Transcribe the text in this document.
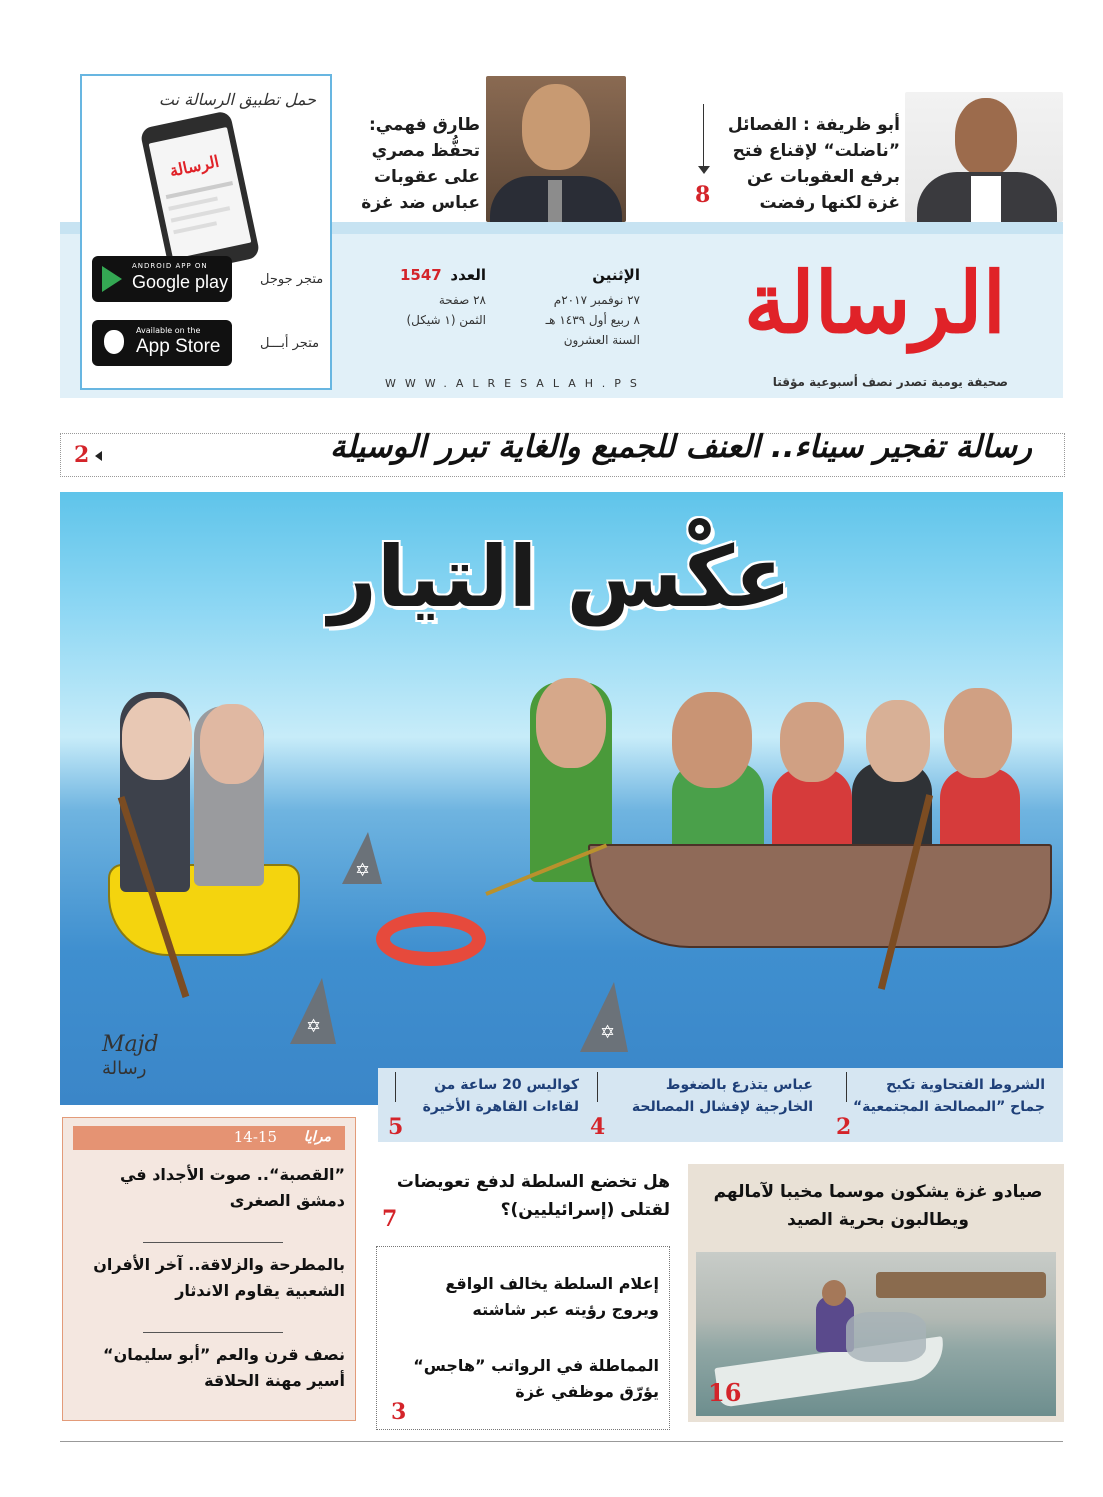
أبو ظريفة : الفصائل ”ناضلت“ لإقناع فتح برفع العقوبات عن غزة لكنها رفضت
8
طارق فهمي: تحفُّظ مصري على عقوبات عباس ضد غزة
الرسالة
صحيفة يومية تصدر نصف أسبوعية مؤقتا
الإثنين
٢٧ نوفمبر ٢٠١٧م
٨ ربيع أول ١٤٣٩ هـ
السنة العشرون
العدد
1547
٢٨ صفحة
الثمن (١ شيكل)
WWW.ALRESALAH.PS
حمل تطبيق الرسالة نت
الرسالة
ANDROID APP ON
Google play متجر جوجل
Available on the
App Store	متجر أبـــل
رسالة تفجير سيناء.. العنف للجميع والغاية تبرر الوسيلة
2
عكْس التيار
✡
✡	✡
Majd
رسالة
الشروط الفتحاوية تكبح
جماح ”المصالحة المجتمعية“
2
عباس يتذرع بالضغوط
الخارجية لإفشال المصالحة
4
كواليس 20 ساعة من
لقاءات القاهرة الأخيرة
5
مرايا
14-15
”القصبة“.. صوت الأجداد في دمشق الصغرى
بالمطرحة والزلاقة.. آخر الأفران الشعبية يقاوم الاندثار
نصف قرن والعم ”أبو سليمان“ أسير مهنة الحلاقة
هل تخضع السلطة لدفع تعويضات لقتلى (إسرائيليين)؟
7
إعلام السلطة يخالف الواقع ويروج رؤيته عبر شاشته
المماطلة في الرواتب ”هاجس“ يؤرّق موظفي غزة
3
صيادو غزة يشكون موسما مخيبا لآمالهم ويطالبون بحرية الصيد
16
